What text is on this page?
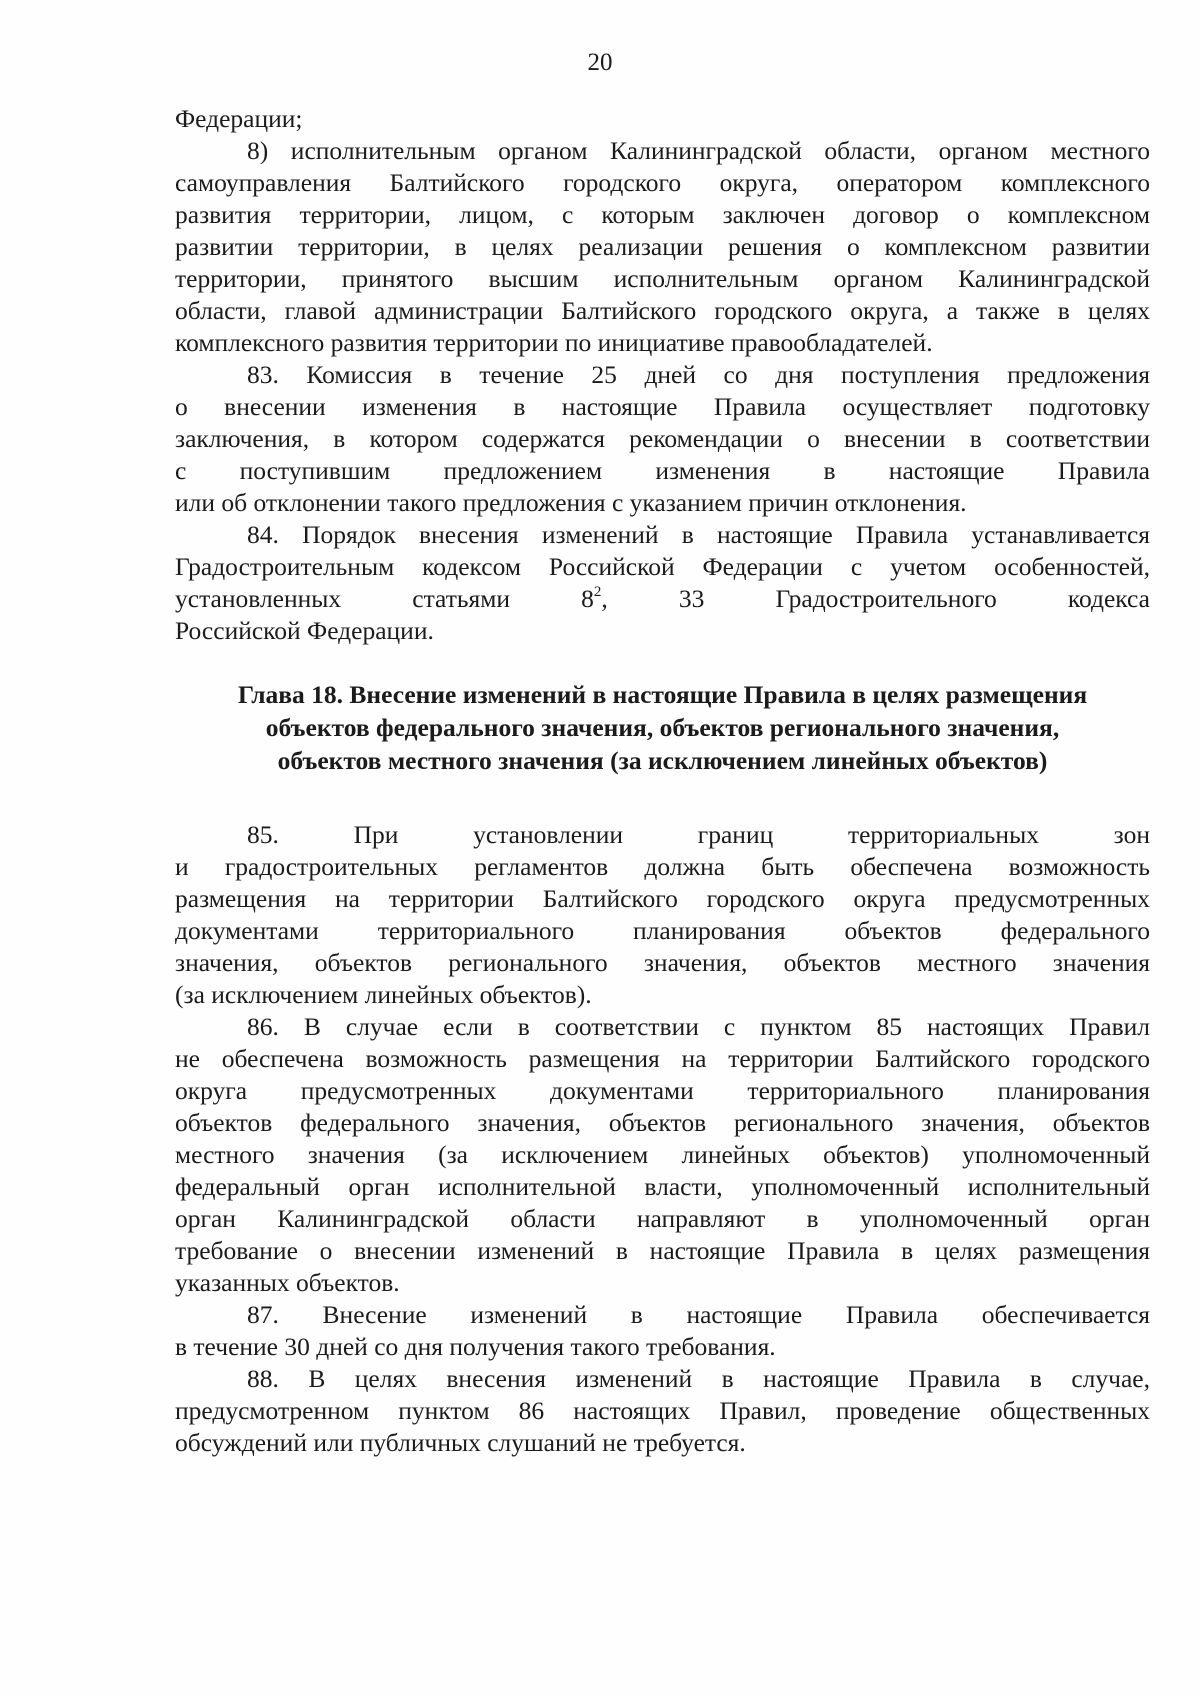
20
Федерации;
8) исполнительным органом Калининградской области, органом местного
самоуправления Балтийского городского округа, оператором комплексного
развития территории, лицом, с которым заключен договор о комплексном
развитии территории, в целях реализации решения о комплексном развитии
территории, принятого высшим исполнительным органом Калининградской
области, главой администрации Балтийского городского округа, а также в целях
комплексного развития территории по инициативе правообладателей.
83. Комиссия в течение 25 дней со дня поступления предложения
о внесении изменения в настоящие Правила осуществляет подготовку
заключения, в котором содержатся рекомендации о внесении в соответствии
с поступившим предложением изменения в настоящие Правила
или об отклонении такого предложения с указанием причин отклонения.
84. Порядок внесения изменений в настоящие Правила устанавливается
Градостроительным кодексом Российской Федерации с учетом особенностей,
установленных статьями $8^2$, 33 Градостроительного кодекса
Российской Федерации.
Глава 18. Внесение изменений в настоящие Правила в целях размещения
объектов федерального значения, объектов регионального значения,
объектов местного значения (за исключением линейных объектов)
85. При установлении границ территориальных зон
и градостроительных регламентов должна быть обеспечена возможность
размещения на территории Балтийского городского округа предусмотренных
документами территориального планирования объектов федерального
значения, объектов регионального значения, объектов местного значения
(за исключением линейных объектов).
86. В случае если в соответствии с пунктом 85 настоящих Правил
не обеспечена возможность размещения на территории Балтийского городского
округа предусмотренных документами территориального планирования
объектов федерального значения, объектов регионального значения, объектов
местного значения (за исключением линейных объектов) уполномоченный
федеральный орган исполнительной власти, уполномоченный исполнительный
орган Калининградской области направляют в уполномоченный орган
требование о внесении изменений в настоящие Правила в целях размещения
указанных объектов.
87. Внесение изменений в настоящие Правила обеспечивается
в течение 30 дней со дня получения такого требования.
88. В целях внесения изменений в настоящие Правила в случае,
предусмотренном пунктом 86 настоящих Правил, проведение общественных
обсуждений или публичных слушаний не требуется.
